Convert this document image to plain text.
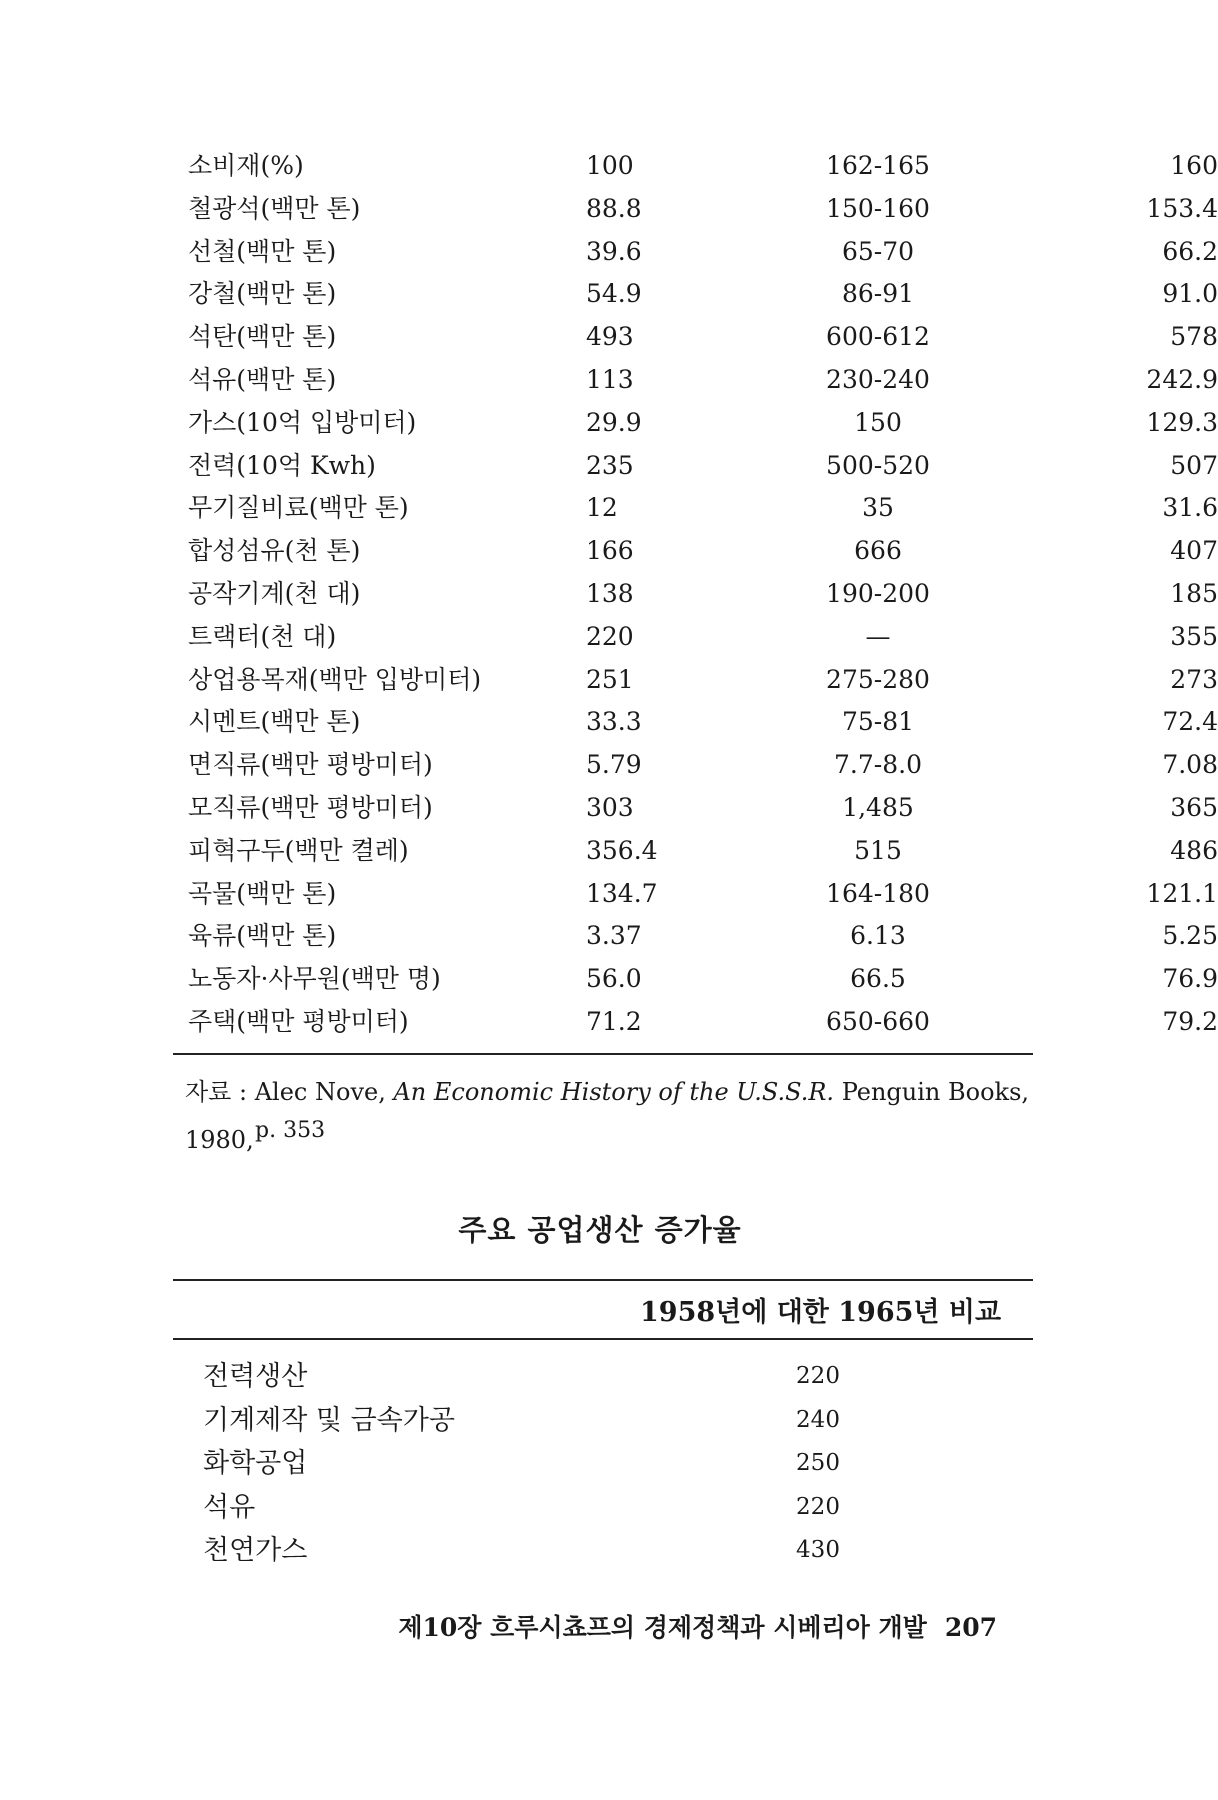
소비재(%)	100	162-165	160
철광석(백만 톤)	88.8	150-160	153.4
선철(백만 톤)	39.6	65-70	66.2
강철(백만 톤)	54.9	86-91	91.0
석탄(백만 톤)	493	600-612	578
석유(백만 톤)	113	230-240	242.9
가스(10억 입방미터)	29.9	150	129.3
전력(10억 Kwh)	235	500-520	507
무기질비료(백만 톤)	12	35	31.6
합성섬유(천 톤)	166	666	407
공작기계(천 대)	138	190-200	185
트랙터(천 대)	220	—	355
상업용목재(백만 입방미터)	251	275-280	273
시멘트(백만 톤)	33.3	75-81	72.4
면직류(백만 평방미터)	5.79	7.7-8.0	7.08
모직류(백만 평방미터)	303	1,485	365
피혁구두(백만 켤레)	356.4	515	486
곡물(백만 톤)	134.7	164-180	121.1
육류(백만 톤)	3.37	6.13	5.25
노동자·사무원(백만 명)	56.0	66.5	76.9
주택(백만 평방미터)	71.2	650-660	79.2
자료 : Alec Nove, An Economic History of the U.S.S.R. Penguin Books, 1980, p. 353
주요 공업생산 증가율
1958년에 대한 1965년 비교
전력생산	220
기계제작 및 금속가공	240
화학공업	250
석유	220
천연가스	430
제10장 흐루시쵸프의 경제정책과 시베리아 개발 207
